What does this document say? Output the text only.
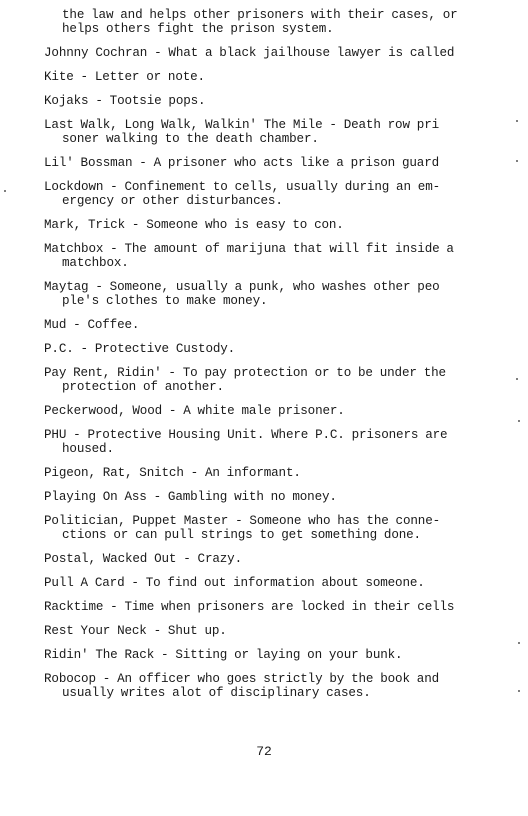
the law and helps other prisoners with their cases, or helps others fight the prison system.

Johnny Cochran - What a black jailhouse lawyer is called

Kite - Letter or note.

Kojaks - Tootsie pops.

Last Walk, Long Walk, Walkin' The Mile - Death row pri soner walking to the death chamber.

Lil' Bossman - A prisoner who acts like a prison guard

Lockdown - Confinement to cells, usually during an em- ergency or other disturbances.

Mark, Trick - Someone who is easy to con.

Matchbox - The amount of marijuna that will fit inside a matchbox.

Maytag - Someone, usually a punk, who washes other peo ple's clothes to make money.

Mud - Coffee.

P.C. - Protective Custody.

Pay Rent, Ridin' - To pay protection or to be under the protection of another.

Peckerwood, Wood - A white male prisoner.

PHU - Protective Housing Unit. Where P.C. prisoners are housed.

Pigeon, Rat, Snitch - An informant.

Playing On Ass - Gambling with no money.

Politician, Puppet Master - Someone who has the conne- ctions or can pull strings to get something done.

Postal, Wacked Out - Crazy.

Pull A Card - To find out information about someone.

Racktime - Time when prisoners are locked in their cells

Rest Your Neck - Shut up.

Ridin' The Rack - Sitting or laying on your bunk.

Robocop - An officer who goes strictly by the book and usually writes alot of disciplinary cases.

72
